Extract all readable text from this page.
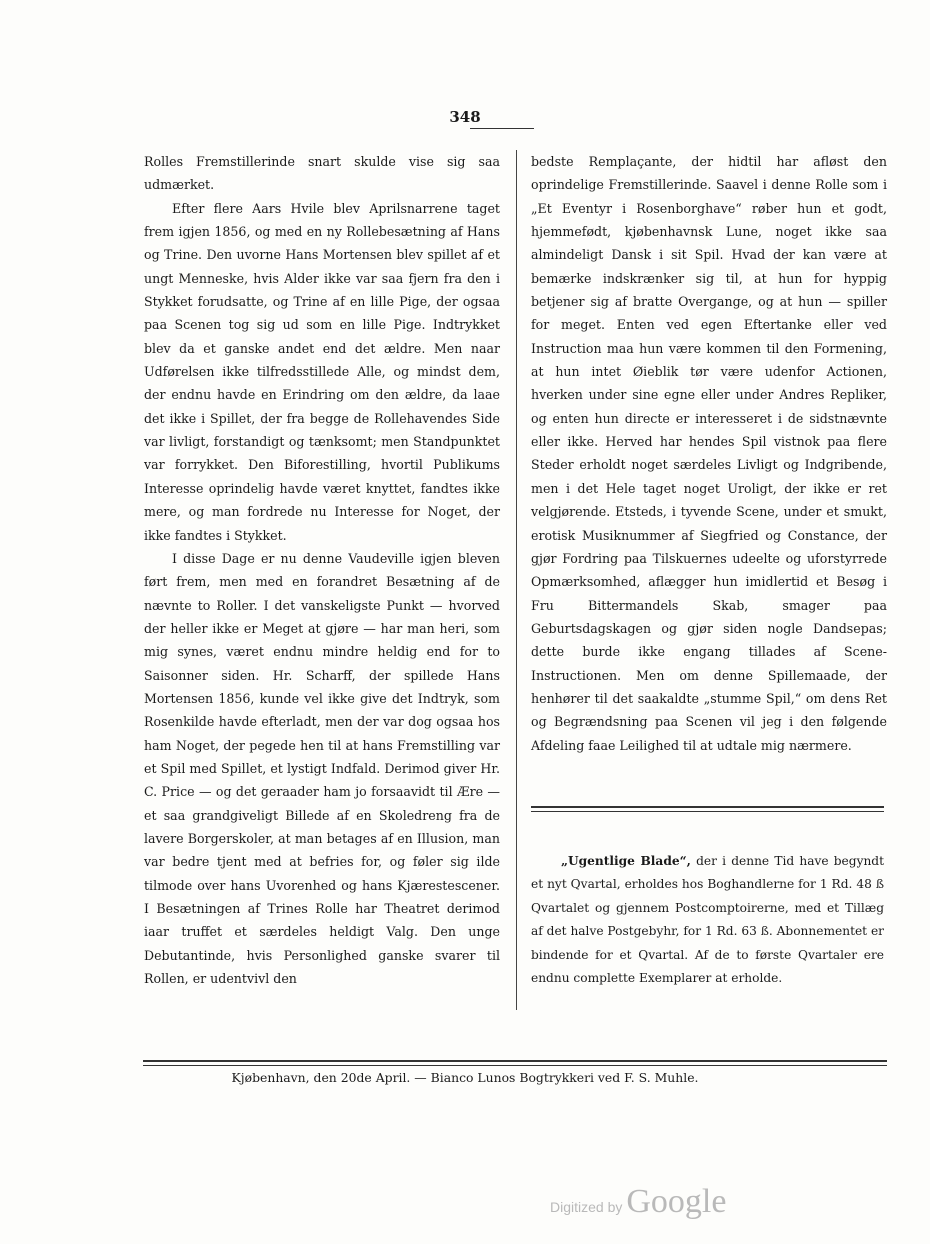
348

Rolles Fremstillerinde snart skulde vise sig saa udmærket.

Efter flere Aars Hvile blev Aprilsnarrene taget frem igjen 1856, og med en ny Rollebesætning af Hans og Trine. Den uvorne Hans Mortensen blev spillet af et ungt Menneske, hvis Alder ikke var saa fjern fra den i Stykket forudsatte, og Trine af en lille Pige, der ogsaa paa Scenen tog sig ud som en lille Pige. Indtrykket blev da et ganske andet end det ældre. Men naar Udførelsen ikke tilfredsstillede Alle, og mindst dem, der endnu havde en Erindring om den ældre, da laae det ikke i Spillet, der fra begge de Rollehavendes Side var livligt, forstandigt og tænksomt; men Standpunktet var forrykket. Den Biforestilling, hvortil Publikums Interesse oprindelig havde været knyttet, fandtes ikke mere, og man fordrede nu Interesse for Noget, der ikke fandtes i Stykket.

I disse Dage er nu denne Vaudeville igjen bleven ført frem, men med en forandret Besætning af de nævnte to Roller. I det vanskeligste Punkt — hvorved der heller ikke er Meget at gjøre — har man heri, som mig synes, været endnu mindre heldig end for to Saisonner siden. Hr. Scharff, der spillede Hans Mortensen 1856, kunde vel ikke give det Indtryk, som Rosenkilde havde efterladt, men der var dog ogsaa hos ham Noget, der pegede hen til at hans Fremstilling var et Spil med Spillet, et lystigt Indfald. Derimod giver Hr. C. Price — og det geraader ham jo forsaavidt til Ære — et saa grandgiveligt Billede af en Skoledreng fra de lavere Borgerskoler, at man betages af en Illusion, man var bedre tjent med at befries for, og føler sig ilde tilmode over hans Uvorenhed og hans Kjærestescener. I Besætningen af Trines Rolle har Theatret derimod iaar truffet et særdeles heldigt Valg. Den unge Debutantinde, hvis Personlighed ganske svarer til Rollen, er udentvivl den

bedste Remplaçante, der hidtil har afløst den oprindelige Fremstillerinde. Saavel i denne Rolle som i „Et Eventyr i Rosenborghave“ røber hun et godt, hjemmefødt, kjøbenhavnsk Lune, noget ikke saa almindeligt Dansk i sit Spil. Hvad der kan være at bemærke indskrænker sig til, at hun for hyppig betjener sig af bratte Overgange, og at hun — spiller for meget. Enten ved egen Eftertanke eller ved Instruction maa hun være kommen til den Formening, at hun intet Øieblik tør være udenfor Actionen, hverken under sine egne eller under Andres Repliker, og enten hun directe er interesseret i de sidstnævnte eller ikke. Herved har hendes Spil vistnok paa flere Steder erholdt noget særdeles Livligt og Indgribende, men i det Hele taget noget Uroligt, der ikke er ret velgjørende. Etsteds, i tyvende Scene, under et smukt, erotisk Musiknummer af Siegfried og Constance, der gjør Fordring paa Tilskuernes udeelte og uforstyrrede Opmærksomhed, aflægger hun imidlertid et Besøg i Fru Bittermandels Skab, smager paa Geburtsdagskagen og gjør siden nogle Dandsepas; dette burde ikke engang tillades af Scene-Instructionen. Men om denne Spillemaade, der henhører til det saakaldte „stumme Spil,“ om dens Ret og Begrændsning paa Scenen vil jeg i den følgende Afdeling faae Leilighed til at udtale mig nærmere.

„Ugentlige Blade“, der i denne Tid have begyndt et nyt Qvartal, erholdes hos Boghandlerne for 1 Rd. 48 ß Qvartalet og gjennem Postcomptoirerne, med et Tillæg af det halve Postgebyhr, for 1 Rd. 63 ß. Abonnementet er bindende for et Qvartal. Af de to første Qvartaler ere endnu complette Exemplarer at erholde.

Kjøbenhavn, den 20de April. — Bianco Lunos Bogtrykkeri ved F. S. Muhle.
Digitized by Google
